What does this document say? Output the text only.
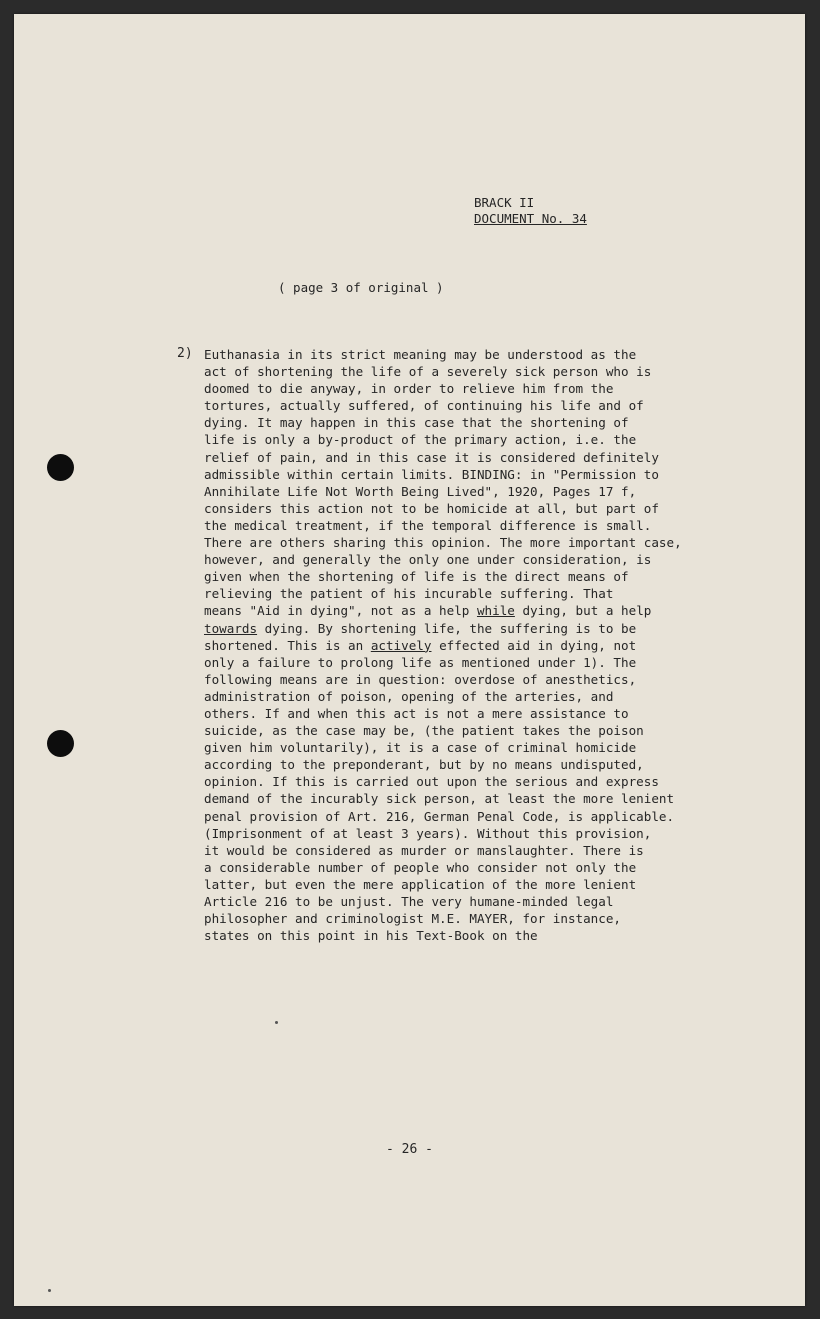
BRACK II
DOCUMENT No. 34
( page 3 of original )
2) Euthanasia in its strict meaning may be understood as the
act of shortening the life of a severely sick person who is
doomed to die anyway, in order to relieve him from the
tortures, actually suffered, of continuing his life and of
dying. It may happen in this case that the shortening of
life is only a by-product of the primary action, i.e. the
relief of pain, and in this case it is considered definitely
admissible within certain limits. BINDING: in "Permission to
Annihilate Life Not Worth Being Lived", 1920, Pages 17 f,
considers this action not to be homicide at all, but part of
the medical treatment, if the temporal difference is small.
There are others sharing this opinion. The more important case,
however, and generally the only one under consideration, is
given when the shortening of life is the direct means of
relieving the patient of his incurable suffering. That
means "Aid in dying", not as a help while dying, but a help
towards dying. By shortening life, the suffering is to be
shortened. This is an actively effected aid in dying, not
only a failure to prolong life as mentioned under 1). The
following means are in question: overdose of anesthetics,
administration of poison, opening of the arteries, and
others. If and when this act is not a mere assistance to
suicide, as the case may be, (the patient takes the poison
given him voluntarily), it is a case of criminal homicide
according to the preponderant, but by no means undisputed,
opinion. If this is carried out upon the serious and express
demand of the incurably sick person, at least the more lenient
penal provision of Art. 216, German Penal Code, is applicable.
(Imprisonment of at least 3 years). Without this provision,
it would be considered as murder or manslaughter. There is
a considerable number of people who consider not only the
latter, but even the mere application of the more lenient
Article 216 to be unjust. The very humane-minded legal
philosopher and criminologist M.E. MAYER, for instance,
states on this point in his Text-Book on the
- 26 -
